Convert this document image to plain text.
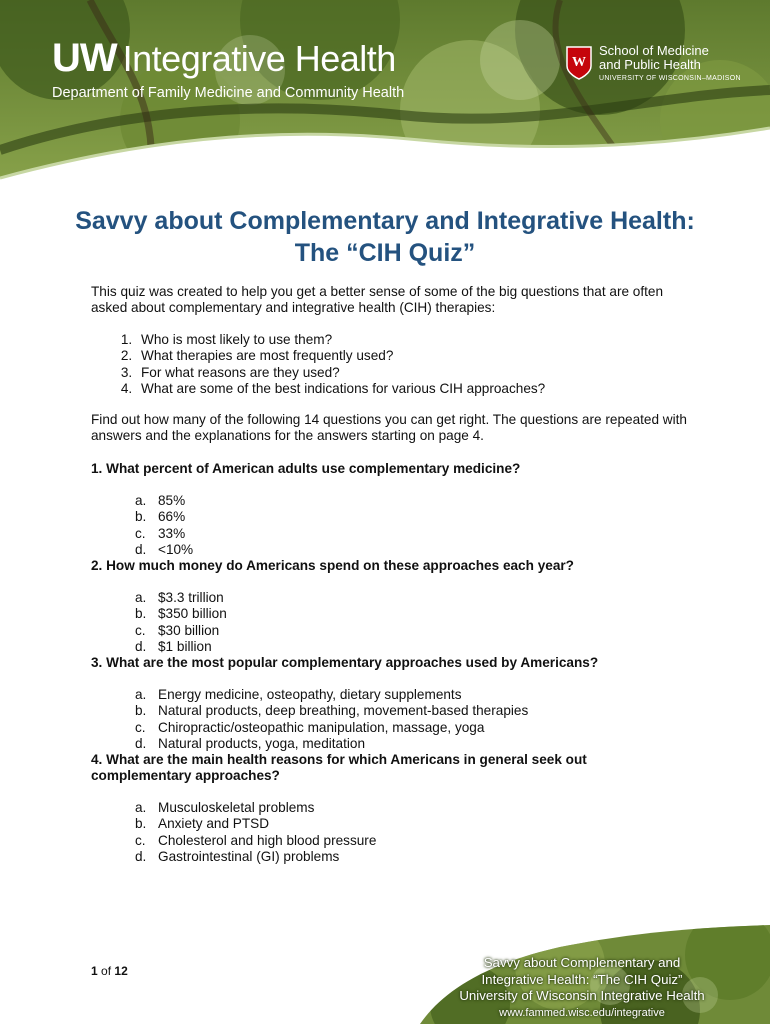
UW Integrative Health
Department of Family Medicine and Community Health
W
School of Medicine
and Public Health
UNIVERSITY OF WISCONSIN–MADISON
Savvy about Complementary and Integrative Health: The “CIH Quiz”
This quiz was created to help you get a better sense of some of the big questions that are often asked about complementary and integrative health (CIH) therapies:
1. Who is most likely to use them?
2. What therapies are most frequently used?
3. For what reasons are they used?
4. What are some of the best indications for various CIH approaches?
Find out how many of the following 14 questions you can get right. The questions are repeated with answers and the explanations for the answers starting on page 4.
1. What percent of American adults use complementary medicine?
a. 85%
b. 66%
c. 33%
d. <10%
2. How much money do Americans spend on these approaches each year?
a. $3.3 trillion
b. $350 billion
c. $30 billion
d. $1 billion
3. What are the most popular complementary approaches used by Americans?
a. Energy medicine, osteopathy, dietary supplements
b. Natural products, deep breathing, movement-based therapies
c. Chiropractic/osteopathic manipulation, massage, yoga
d. Natural products, yoga, meditation
4. What are the main health reasons for which Americans in general seek out complementary approaches?
a. Musculoskeletal problems
b. Anxiety and PTSD
c. Cholesterol and high blood pressure
d. Gastrointestinal (GI) problems
1 of 12
Savvy about Complementary and
Integrative Health: “The CIH Quiz”
University of Wisconsin Integrative Health
www.fammed.wisc.edu/integrative
